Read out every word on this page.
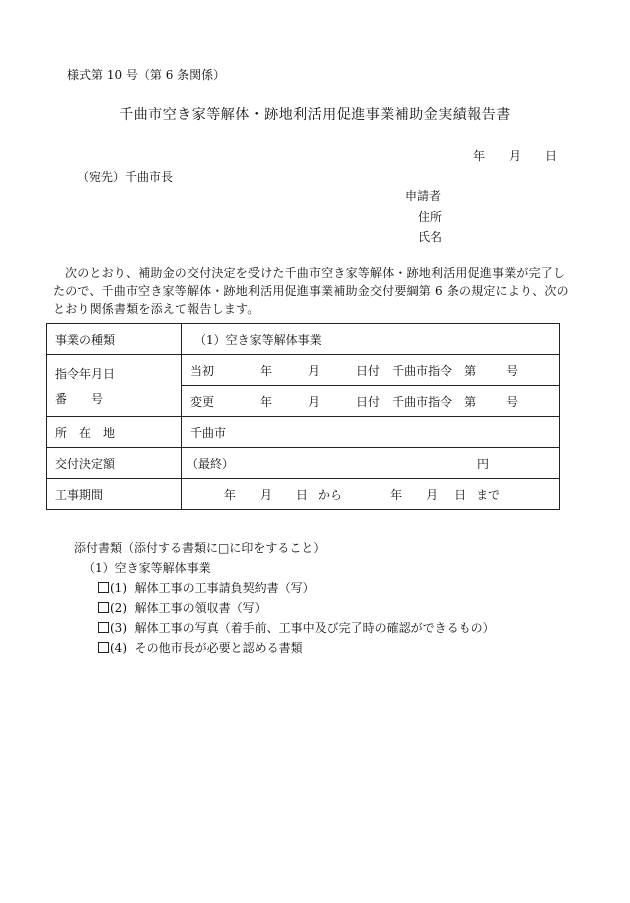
様式第 10 号（第 6 条関係）
千曲市空き家等解体・跡地利活用促進事業補助金実績報告書
年 月 日
（宛先）千曲市長
申請者
住所
氏名
次のとおり、補助金の交付決定を受けた千曲市空き家等解体・跡地利活用促進事業が完了したので、千曲市空き家等解体・跡地利活用促進事業補助金交付要綱第 6 条の規定により、次のとおり関係書類を添えて報告します。
事業の種類	（1）空き家等解体事業

指令年月日
番　　号	当初 年 月 日付 千曲市指令 第 号
	変更 年 月 日付 千曲市指令 第 号
所　在　地	千曲市
交付決定額	（最終） 円

工事期間	年 月 日 から 年 月 日 まで
添付書類（添付する書類に□に印をすること）
（1）空き家等解体事業
(1) 解体工事の工事請負契約書（写）
(2) 解体工事の領収書（写）
(3) 解体工事の写真（着手前、工事中及び完了時の確認ができるもの）
(4) その他市長が必要と認める書類
